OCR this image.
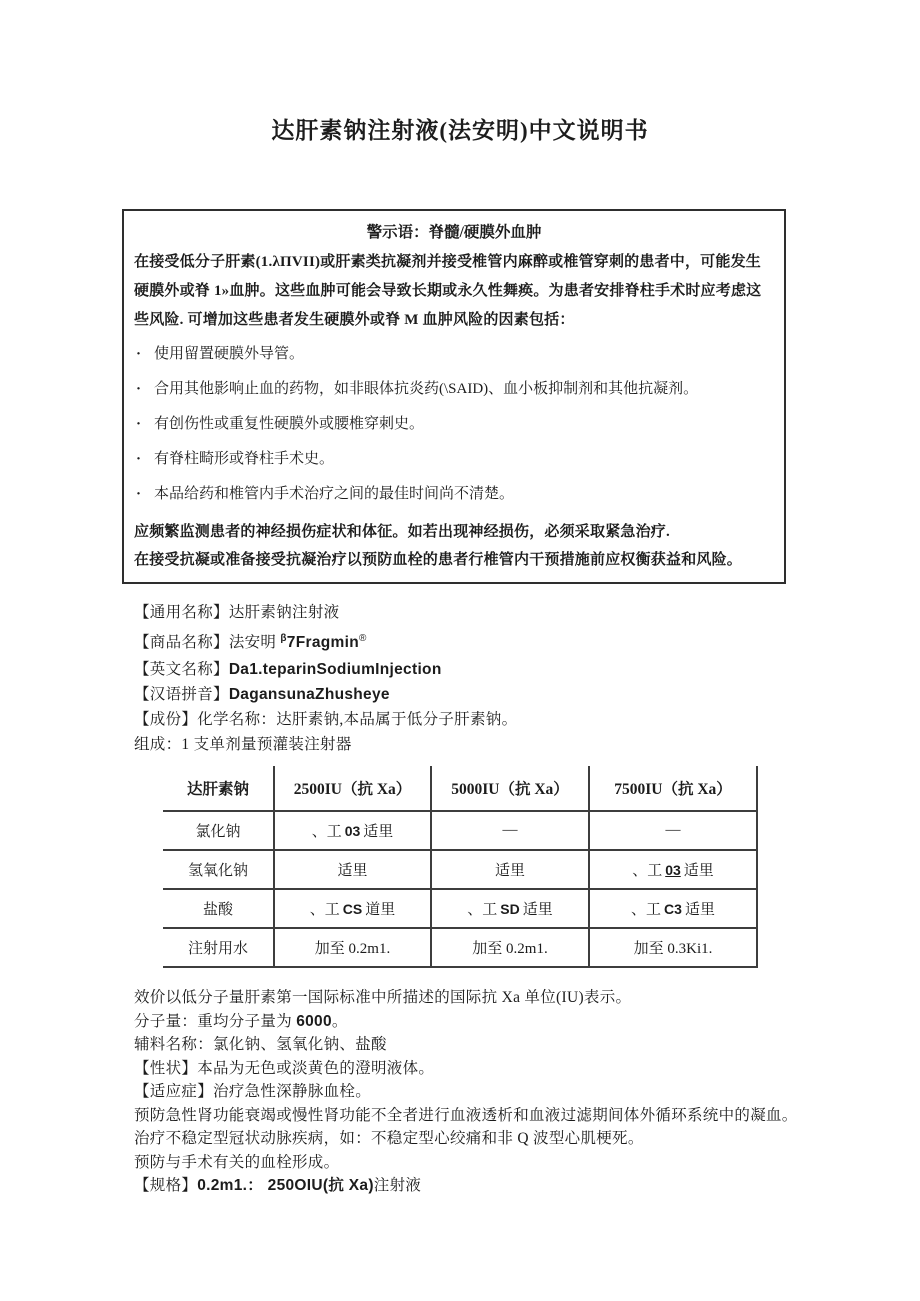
达肝素钠注射液(法安明)中文说明书
警示语：脊髓/硬膜外血肿

在接受低分子肝素(1.λΠVII)或肝素类抗凝剂并接受椎管内麻醉或椎管穿刺的患者中，可能发生硬膜外或脊 1»血肿。这些血肿可能会导致长期或永久性舞痪。为患者安排脊柱手术时应考虑这些风险. 可增加这些患者发生硬膜外或脊 M 血肿风险的因素包括：

· 使用留置硬膜外导管。
· 合用其他影响止血的药物，如非眼体抗炎药(\SAID)、血小板抑制剂和其他抗凝剂。
· 有创伤性或重复性硬膜外或腰椎穿刺史。
· 有脊柱畸形或脊柱手术史。
· 本品给药和椎管内手术治疗之间的最佳时间尚不清楚。

应频繁监测患者的神经损伤症状和体征。如若出现神经损伤，必须采取紧急治疗.

在接受抗凝或准备接受抗凝治疗以预防血栓的患者行椎管内干预措施前应权衡获益和风险。

【通用名称】达肝素钠注射液

【商品名称】法安明 $^\beta$7Fragmin®

【英文名称】Da1.teparinSodiumInjection

【汉语拼音】DagansunaZhusheye

【成份】化学名称：达肝素钠,本品属于低分子肝素钠。

组成：1 支单剂量预灌装注射器

达肝素钠	2500IU（抗 Xa）	5000IU（抗 Xa）	7500IU（抗 Xa）
氯化钠	、工 03 适里	—	—
氢氧化钠	适里	适里	、工 03 适里
盐酸	、工 CS 道里	、工 SD 适里	、工 C3 适里
注射用水	加至 0.2m1.	加至 0.2m1.	加至 0.3Ki1.

效价以低分子量肝素第一国际标准中所描述的国际抗 Xa 单位(IU)表示。

分子量：重均分子量为 6000。

辅料名称：氯化钠、氢氧化钠、盐酸

【性状】本品为无色或淡黄色的澄明液体。

【适应症】治疗急性深静脉血栓。

预防急性肾功能衰竭或慢性肾功能不全者进行血液透析和血液过滤期间体外循环系统中的凝血。

治疗不稳定型冠状动脉疾病，如：不稳定型心绞痛和非 Q 波型心肌梗死。

预防与手术有关的血栓形成。

【规格】0.2m1.： 250OIU(抗 Xa)注射液
